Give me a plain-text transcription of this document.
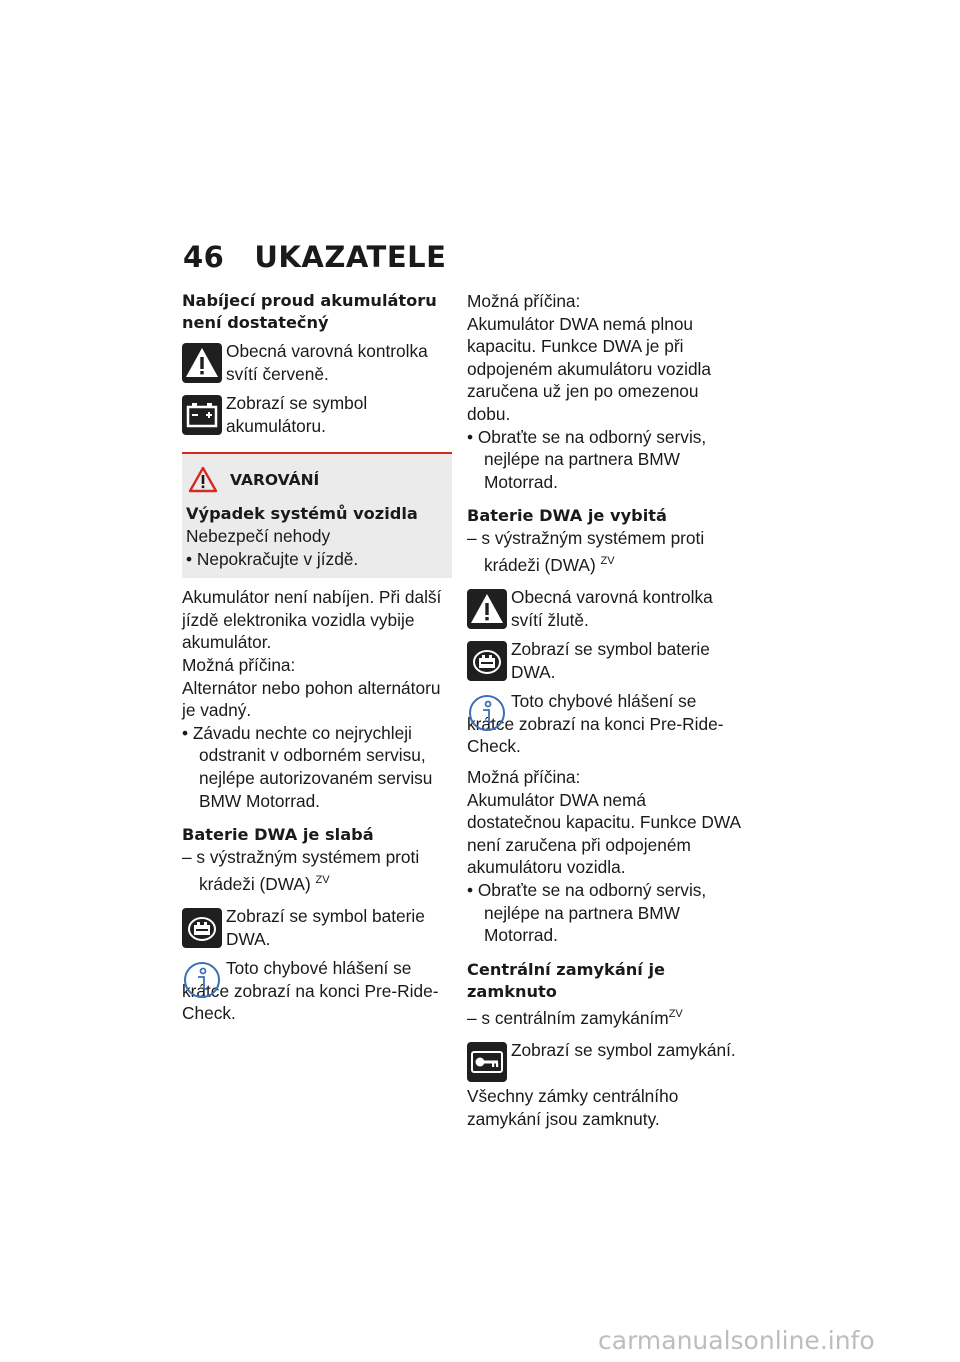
46 UKAZATELE

Nabíjecí proud akumulátoru není dostatečný

Obecná varovná kontrolka svítí červeně.
Zobrazí se symbol akumulátoru.
VAROVÁNÍ

Výpadek systémů vozidla

Nebezpečí nehody

• Nepokračujte v jízdě.

Akumulátor není nabíjen. Při další jízdě elektronika vozidla vybije akumulátor.

Možná příčina:

Alternátor nebo pohon alternátoru je vadný.

• Závadu nechte co nejrychleji odstranit v odborném servisu, nejlépe autorizovaném servisu BMW Motorrad.

Baterie DWA je slabá

– s výstražným systémem proti krádeži (DWA) $^{ZV}$

Zobrazí se symbol baterie DWA.
Toto chybové hlášení se krátce zobrazí na konci Pre-Ride-Check.

Možná příčina:

Akumulátor DWA nemá plnou kapacitu. Funkce DWA je při odpojeném akumulátoru vozidla zaručena už jen po omezenou dobu.

• Obraťte se na odborný servis, nejlépe na partnera BMW Motorrad.

Baterie DWA je vybitá

– s výstražným systémem proti krádeži (DWA) $^{ZV}$

Obecná varovná kontrolka svítí žlutě.
Zobrazí se symbol baterie DWA.
Toto chybové hlášení se krátce zobrazí na konci Pre-Ride-Check.

Možná příčina:

Akumulátor DWA nemá dostatečnou kapacitu. Funkce DWA není zaručena při odpojeném akumulátoru vozidla.

• Obraťte se na odborný servis, nejlépe na partnera BMW Motorrad.

Centrální zamykání je zamknuto

– s centrálním zamykáním$^{ZV}$

Zobrazí se symbol zamykání.

Všechny zámky centrálního zamykání jsou zamknuty.

carmanualsonline.info
